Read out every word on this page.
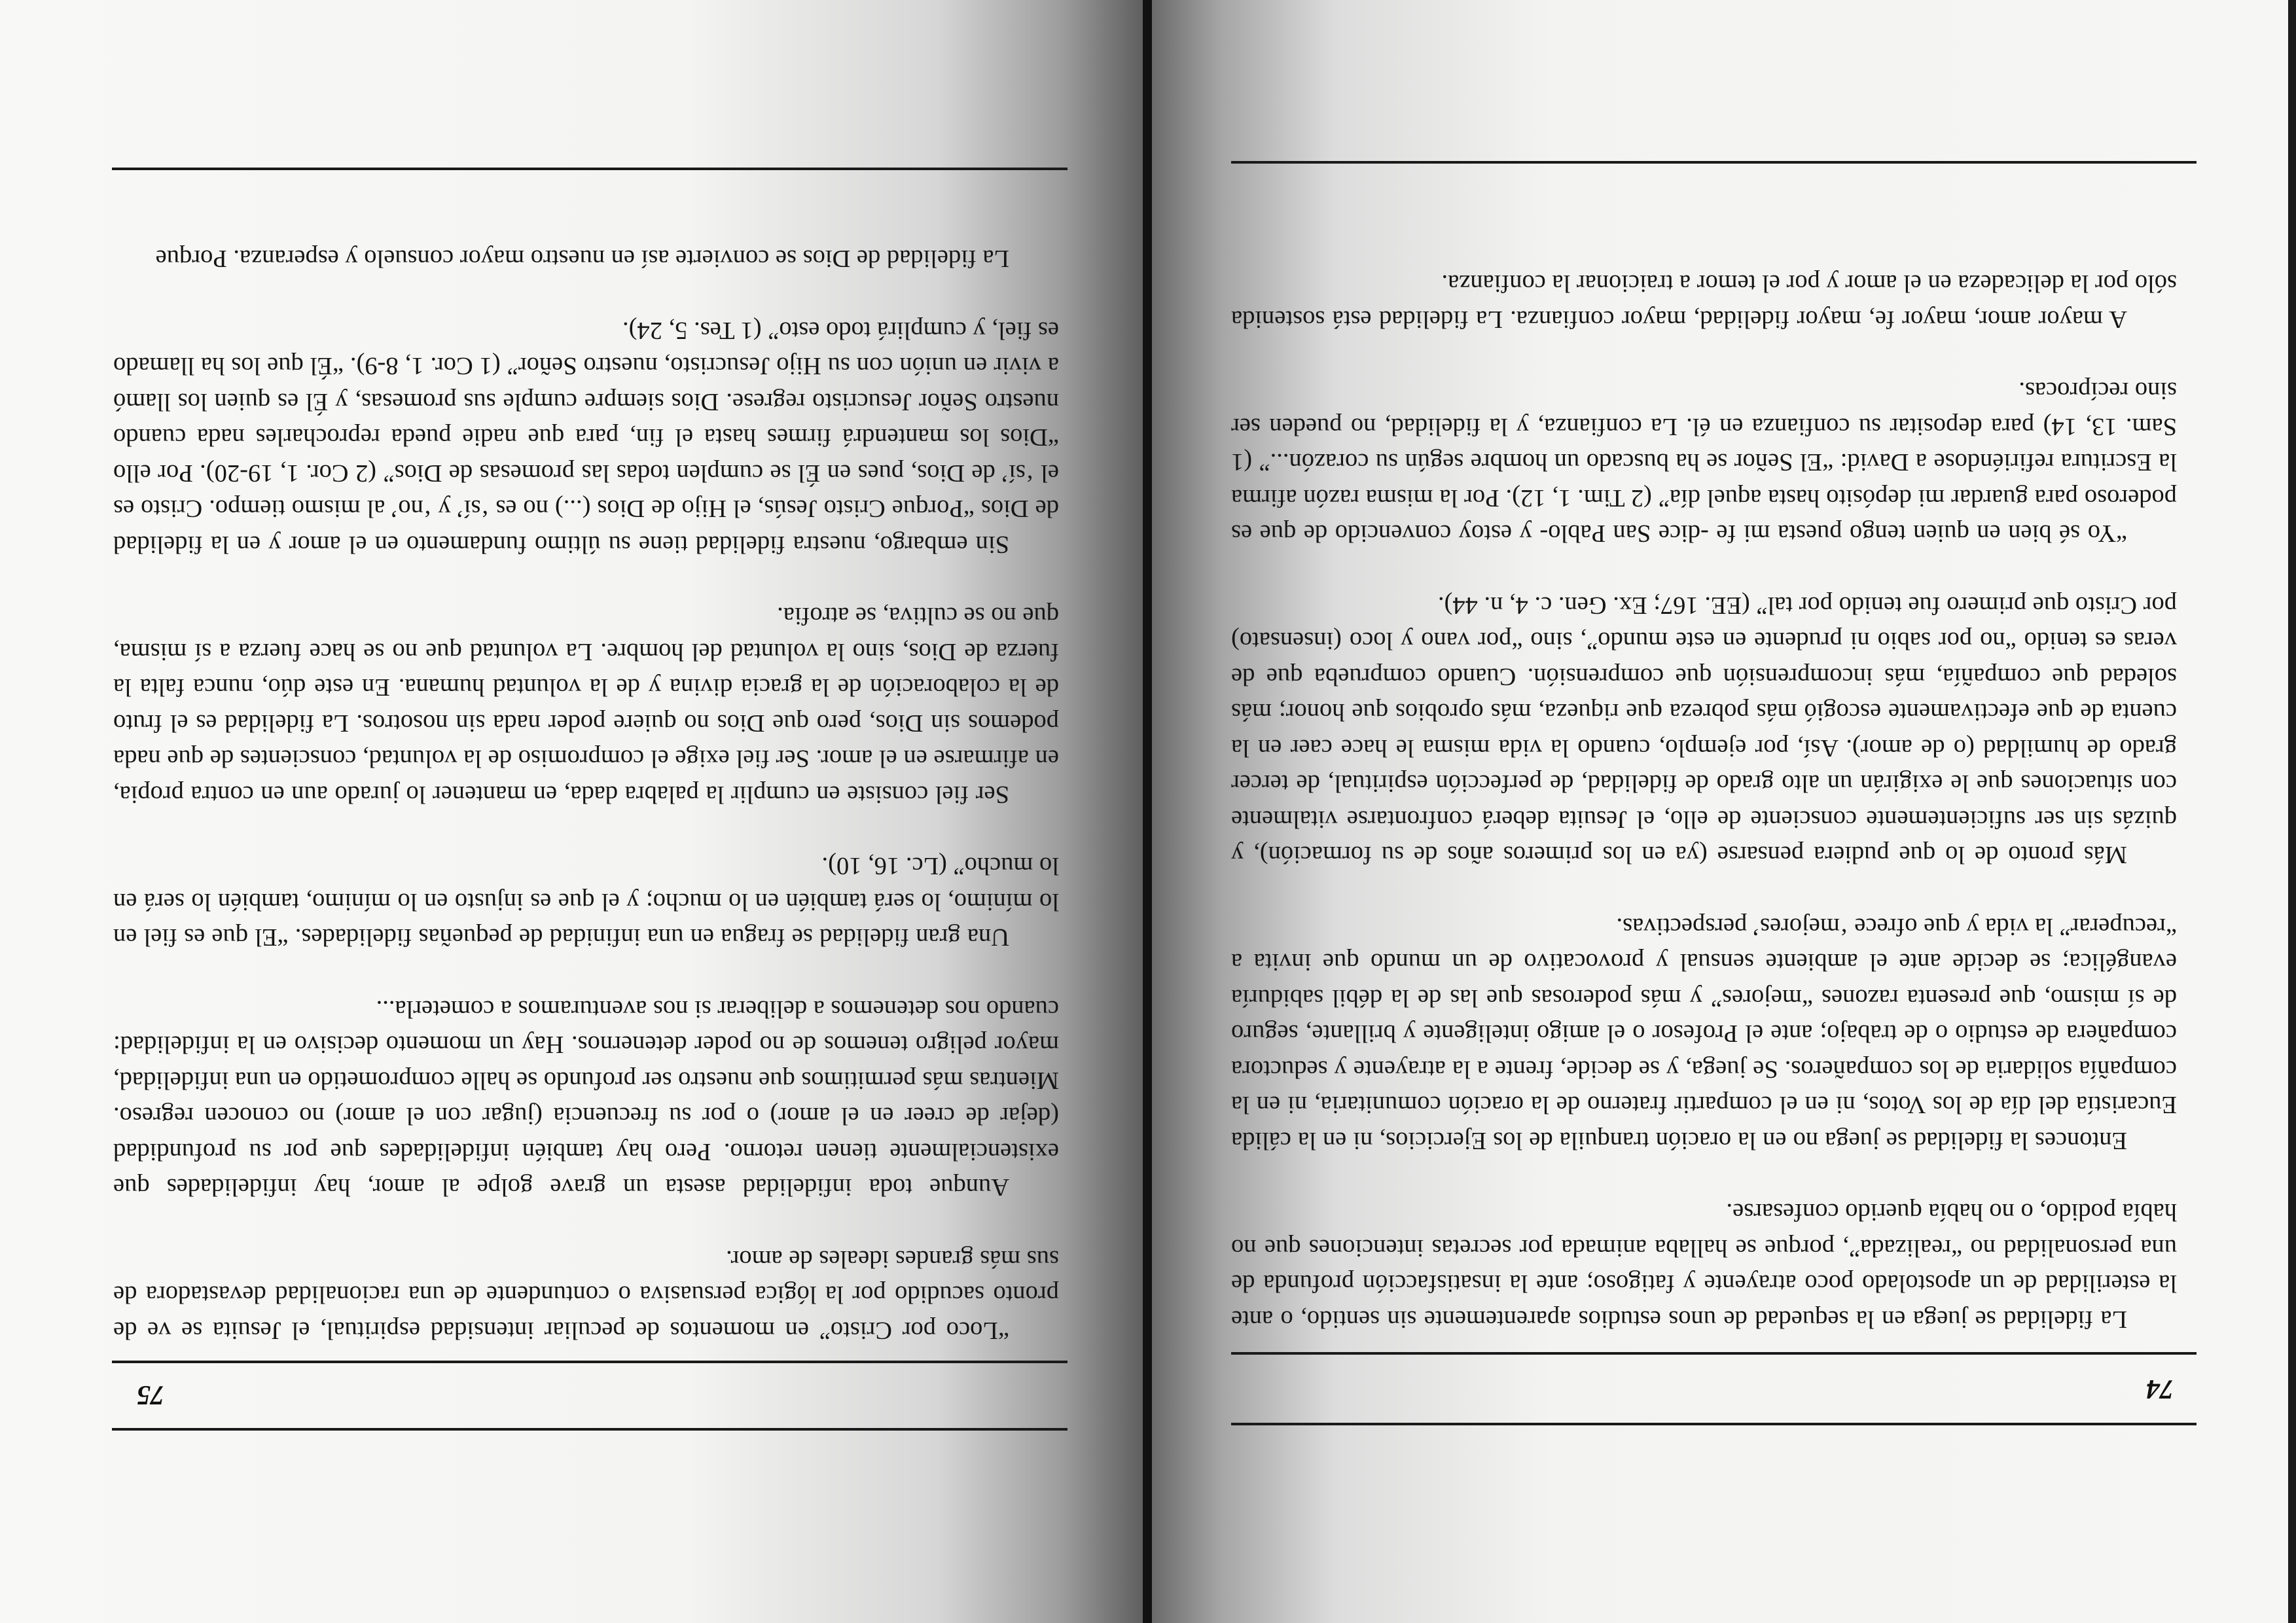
74

La fidelidad se juega en la sequedad de unos estudios aparentemente sin sentido, o ante la esterilidad de un apostolado poco atrayente y fatigoso; ante la insatisfacción profunda de una personalidad no “realizada”, porque se hallaba animada por secretas intenciones que no había podido, o no había querido confesarse.

Entonces la fidelidad se juega no en la oración tranquila de los Ejercicios, ni en la cálida Eucaristía del día de los Votos, ni en el compartir fraterno de la oración comunitaria, ni en la compañía solidaria de los compañeros. Se juega, y se decide, frente a la atrayente y seductora compañera de estudio o de trabajo; ante el Profesor o el amigo inteligente y brillante, seguro de sí mismo, que presenta razones “mejores” y más poderosas que las de la débil sabiduría evangélica; se decide ante el ambiente sensual y provocativo de un mundo que invita a “recuperar” la vida y que ofrece ‘mejores’ perspectivas.

Más pronto de lo que pudiera pensarse (ya en los primeros años de su formación), y quizás sin ser suficientemente consciente de ello, el Jesuita deberá confrontarse vitalmente con situaciones que le exigirán un alto grado de fidelidad, de perfección espiritual, de tercer grado de humildad (o de amor). Así, por ejemplo, cuando la vida misma le hace caer en la cuenta de que efectivamente escogió más pobreza que riqueza, más oprobios que honor; más soledad que compañía, más incomprensión que comprensión. Cuando comprueba que de veras es tenido “no por sabio ni prudente en este mundo”, sino “por vano y loco (insensato) por Cristo que primero fue tenido por tal” (EE. 167; Ex. Gen. c. 4, n. 44).

“Yo sé bien en quien tengo puesta mi fe -dice San Pablo- y estoy convencido de que es poderoso para guardar mi depósito hasta aquel día” (2 Tim. 1, 12). Por la misma razón afirma la Escritura refiriéndose a David: “El Señor se ha buscado un hombre según su corazón...” (1 Sam. 13, 14) para depositar su confianza en él. La confianza, y la fidelidad, no pueden ser sino recíprocas.

A mayor amor, mayor fe, mayor fidelidad, mayor confianza. La fidelidad está sostenida sólo por la delicadeza en el amor y por el temor a traicionar la confianza.

“Loco por Cristo” en momentos de peculiar intensidad espiritual, el Jesuita se ve de pronto sacudido por la lógica persuasiva o contundente de una racionalidad devastadora de sus más grandes ideales de amor.

Aunque toda infidelidad asesta un grave golpe al amor, hay infidelidades que existencialmente tienen retorno. Pero hay también infidelidades que por su profundidad (dejar de creer en el amor) o por su frecuencia (jugar con el amor) no conocen regreso. Mientras más permitimos que nuestro ser profundo se halle comprometido en una infidelidad, mayor peligro tenemos de no poder detenernos. Hay un momento decisivo en la infidelidad: cuando nos detenemos a deliberar si nos aventuramos a cometerla...

Una gran fidelidad se fragua en una infinidad de pequeñas fidelidades. “El que es fiel en lo mínimo, lo será también en lo mucho; y el que es injusto en lo mínimo, también lo será en lo mucho” (Lc. 16, 10).

Ser fiel consiste en cumplir la palabra dada, en mantener lo jurado aun en contra propia, en afirmarse en el amor. Ser fiel exige el compromiso de la voluntad, conscientes de que nada podemos sin Dios, pero que Dios no quiere poder nada sin nosotros. La fidelidad es el fruto de la colaboración de la gracia divina y de la voluntad humana. En este dúo, nunca falta la fuerza de Dios, sino la voluntad del hombre. La voluntad que no se hace fuerza a sí misma, que no se cultiva, se atrofia.

Sin embargo, nuestra fidelidad tiene su último fundamento en el amor y en la fidelidad de Dios “Porque Cristo Jesús, el Hijo de Dios (...) no es ‘sí’ y ‘no’ al mismo tiempo. Cristo es el ‘sí’ de Dios, pues en Él se cumplen todas las promesas de Dios” (2 Cor. 1, 19-20). Por ello “Dios los mantendrá firmes hasta el fin, para que nadie pueda reprocharles nada cuando nuestro Señor Jesucristo regrese. Dios siempre cumple sus promesas, y Él es quien los llamó a vivir en unión con su Hijo Jesucristo, nuestro Señor” (1 Cor. 1, 8-9). “Él que los ha llamado es fiel, y cumplirá todo esto” (1 Tes. 5, 24).

La fidelidad de Dios se convierte así en nuestro mayor consuelo y esperanza. Porque

75
